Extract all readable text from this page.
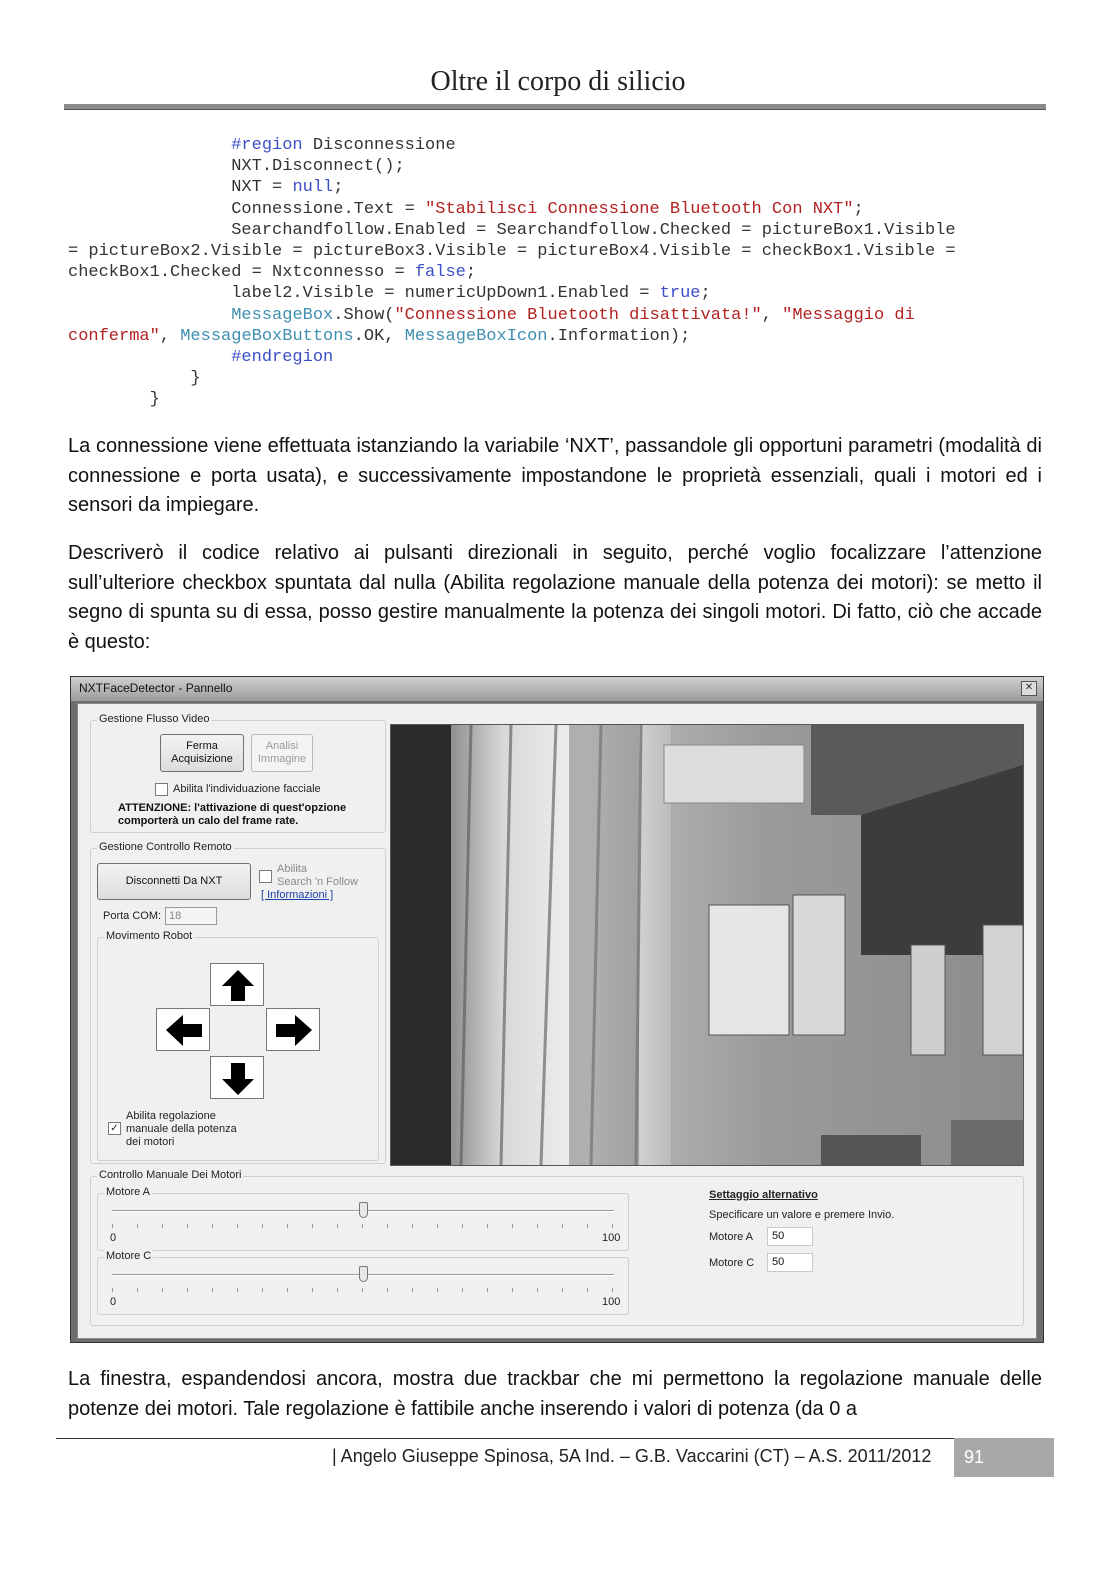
Oltre il corpo di silicio
#region Disconnessione
NXT.Disconnect();
NXT = null;
Connessione.Text = "Stabilisci Connessione Bluetooth Con NXT";
Searchandfollow.Enabled = Searchandfollow.Checked = pictureBox1.Visible
= pictureBox2.Visible = pictureBox3.Visible = pictureBox4.Visible = checkBox1.Visible =
checkBox1.Checked = Nxtconnesso = false;
label2.Visible = numericUpDown1.Enabled = true;
MessageBox.Show("Connessione Bluetooth disattivata!", "Messaggio di
conferma", MessageBoxButtons.OK, MessageBoxIcon.Information);
#endregion
}
}

La connessione viene effettuata istanziando la variabile ‘NXT’, passandole gli opportuni parametri (modalità di connessione e porta usata), e successivamente impostandone le proprietà essenziali, quali i motori ed i sensori da impiegare.

Descriverò il codice relativo ai pulsanti direzionali in seguito, perché voglio focalizzare l’attenzione sull’ulteriore checkbox spuntata dal nulla (Abilita regolazione manuale della potenza dei motori): se metto il segno di spunta su di essa, posso gestire manualmente la potenza dei singoli motori. Di fatto, ciò che accade è questo:

NXTFaceDetector - Pannello	✕
Gestione Flusso Video
Ferma
Acquisizione
Analisi
Immagine
Abilita l'individuazione facciale
ATTENZIONE: l'attivazione di quest'opzione
comporterà un calo del frame rate.
Gestione Controllo Remoto
Disconnetti Da NXT
Abilita
Search 'n Follow
[ Informazioni ]
Porta COM: 18
Movimento Robot
✓
Abilita regolazione
manuale della potenza
dei motori
Controllo Manuale Dei Motori
Motore A
0	100
Motore C
0	100
Settaggio alternativo
Specificare un valore e premere Invio.
Motore A	50
Motore C	50

La finestra, espandendosi ancora, mostra due trackbar che mi permettono la regolazione manuale delle potenze dei motori. Tale regolazione è fattibile anche inserendo i valori di potenza (da 0 a

| Angelo Giuseppe Spinosa, 5A Ind. – G.B. Vaccarini (CT) – A.S. 2011/2012 91
